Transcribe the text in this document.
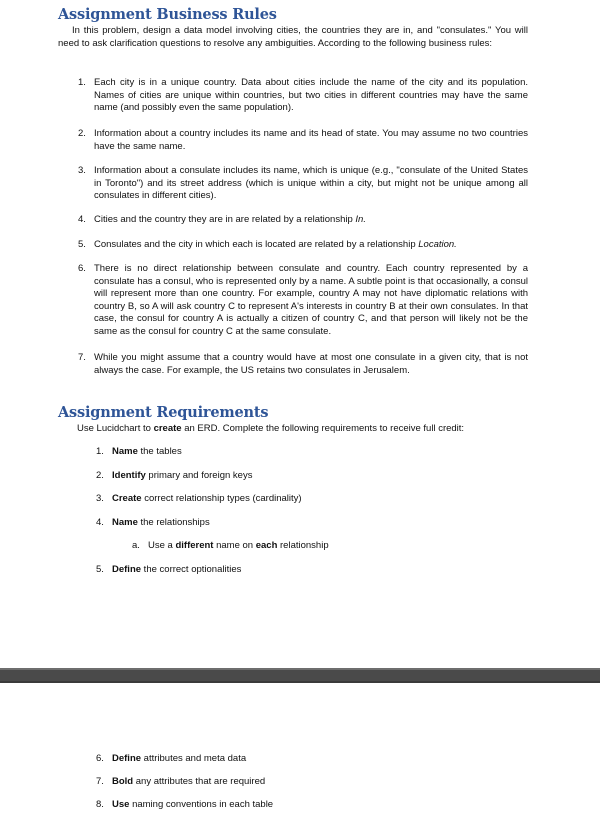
Assignment Business Rules
In this problem, design a data model involving cities, the countries they are in, and "consulates." You will need to ask clarification questions to resolve any ambiguities. According to the following business rules:
1. Each city is in a unique country. Data about cities include the name of the city and its population. Names of cities are unique within countries, but two cities in different countries may have the same name (and possibly even the same population).
2. Information about a country includes its name and its head of state. You may assume no two countries have the same name.
3. Information about a consulate includes its name, which is unique (e.g., "consulate of the United States in Toronto") and its street address (which is unique within a city, but might not be unique among all consulates in different cities).
4. Cities and the country they are in are related by a relationship In.
5. Consulates and the city in which each is located are related by a relationship Location.
6. There is no direct relationship between consulate and country. Each country represented by a consulate has a consul, who is represented only by a name. A subtle point is that occasionally, a consul will represent more than one country. For example, country A may not have diplomatic relations with country B, so A will ask country C to represent A's interests in country B at their own consulates. In that case, the consul for country A is actually a citizen of country C, and that person will likely not be the same as the consul for country C at the same consulate.
7. While you might assume that a country would have at most one consulate in a given city, that is not always the case. For example, the US retains two consulates in Jerusalem.
Assignment Requirements
Use Lucidchart to create an ERD. Complete the following requirements to receive full credit:
1. Name the tables
2. Identify primary and foreign keys
3. Create correct relationship types (cardinality)
4. Name the relationships
a. Use a different name on each relationship
5. Define the correct optionalities
6. Define attributes and meta data
7. Bold any attributes that are required
8. Use naming conventions in each table
